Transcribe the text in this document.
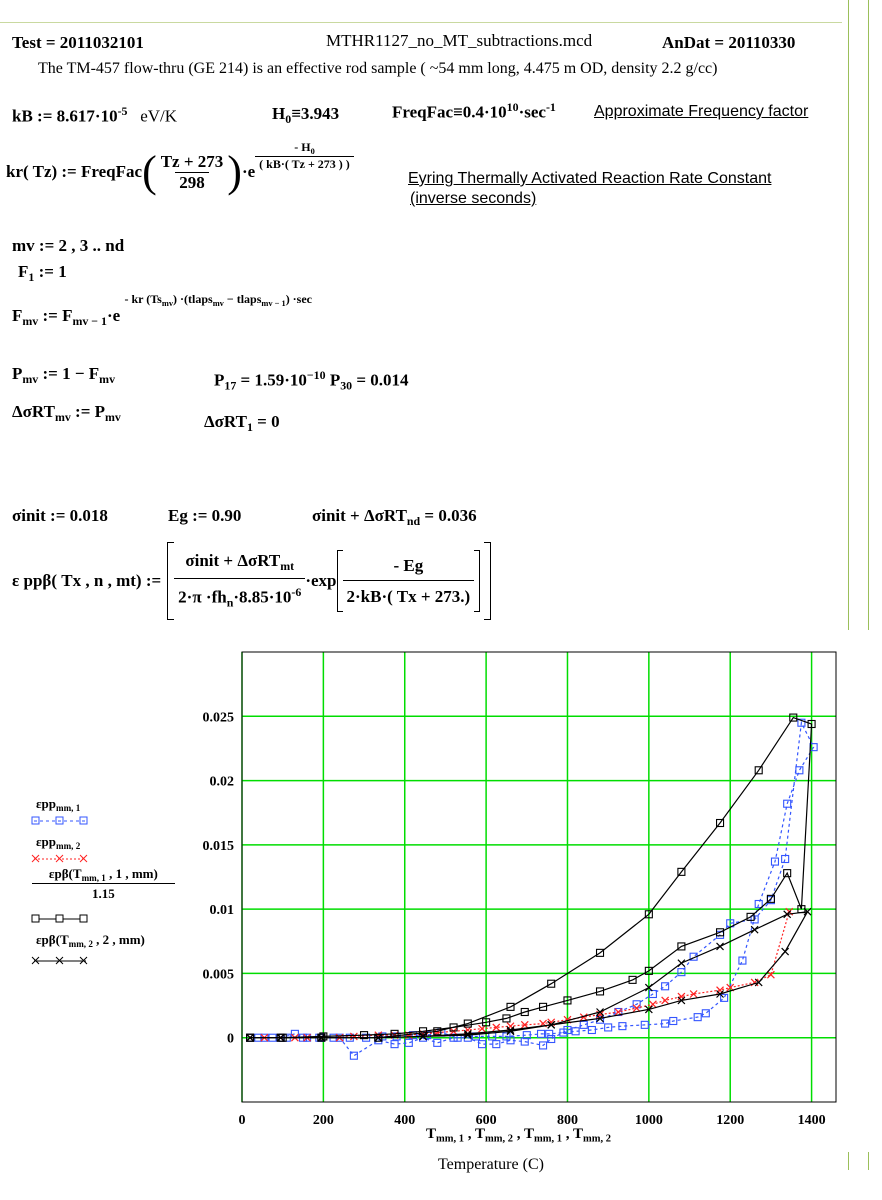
Test = 2011032101	MTHR1127_no_MT_subtractions.mcd	AnDat = 20110330
The TM-457 flow-thru (GE 214) is an effective rod sample ( ~54 mm long, 4.475 m OD, density 2.2 g/cc)
kB := $8.617\cdot 10^{-5}$ eV/K	$H_0\equiv 3.943$	$FreqFac\equiv 0.4\cdot 10^{10}\cdot\sec^{-1}$ Approximate Frequency factor
kr( Tz) := FreqFac ( $\frac{Tz + 273}{298}$ ) $\cdot e \frac{- H_0}{( kB\cdot( Tz + 273 ) )}$
Eyring Thermally Activated Reaction Rate Constant
(inverse seconds)
mv := 2 , 3 .. nd
$F_1$ := 1
$F_{mv}$ := $F_{mv - 1}\cdot e$ $^{- kr (Ts_{mv}) \cdot(tlaps_{mv} - tlaps_{mv - 1}) \cdot sec}$
$P_{mv}$ := $1 - F_{mv}$	$P_{17} = 1.59\cdot 10^{-10}$ $P_{30} = 0.014$
ΔσRT$_{mv}$ := $P_{mv}$	ΔσRT$_1$ = 0
σinit := 0.018	Eg := 0.90	σinit + ΔσRT$_{nd}$ = 0.036
ε ppβ( Tx , n , mt) := $\frac{\sigma init + \Delta\sigma RT_{mt}}{2\cdot\pi \cdot fh_n\cdot 8.85\cdot 10^{-6}} \cdot\exp \frac{- Eg}{2\cdot kB\cdot( Tx + 273.)}$
εpp$_{mm, 1}$
εpp$_{mm, 2}$
$\varepsilon p\beta(T_{mm, 1}$ , 1 , mm)
1.15
$\varepsilon p\beta(T_{mm, 2}$ , 2 , mm)
0	200	400	600	800	1000	1200	1400
0
0.005
0.01
0.015
0.02
0.025
$T_{mm, 1}$ , $T_{mm, 2}$ , $T_{mm, 1}$ , $T_{mm, 2}$
Temperature (C)
